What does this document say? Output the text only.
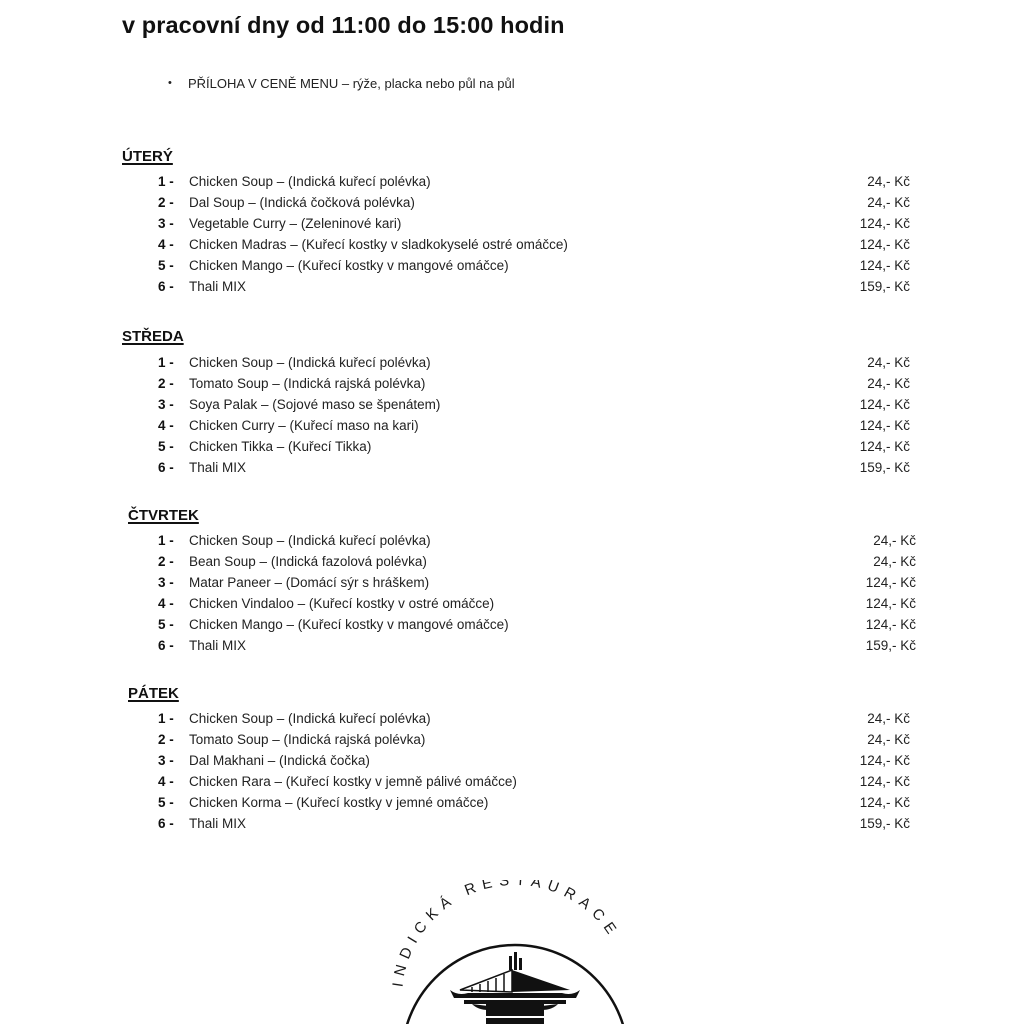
v pracovní dny od 11:00 do 15:00 hodin
• PŘÍLOHA V CENĚ MENU – rýže, placka nebo půl na půl
ÚTERÝ
1 -	Chicken Soup – (Indická kuřecí polévka)	24,- Kč
2 -	Dal Soup – (Indická čočková polévka)	24,- Kč
3 -	Vegetable Curry – (Zeleninové kari)	124,- Kč
4 -	Chicken Madras – (Kuřecí kostky v sladkokyselé ostré omáčce)	124,- Kč
5 -	Chicken Mango – (Kuřecí kostky v mangové omáčce)	124,- Kč
6 -	Thali MIX	159,- Kč
STŘEDA
1 -	Chicken Soup – (Indická kuřecí polévka)	24,- Kč
2 -	Tomato Soup – (Indická rajská polévka)	24,- Kč
3 -	Soya Palak – (Sojové maso se špenátem)	124,- Kč
4 -	Chicken Curry – (Kuřecí maso na kari)	124,- Kč
5 -	Chicken Tikka – (Kuřecí Tikka)	124,- Kč
6 -	Thali MIX	159,- Kč
ČTVRTEK
1 -	Chicken Soup – (Indická kuřecí polévka)	24,- Kč
2 -	Bean Soup – (Indická fazolová polévka)	24,- Kč
3 -	Matar Paneer – (Domácí sýr s hráškem)	124,- Kč
4 -	Chicken Vindaloo – (Kuřecí kostky v ostré omáčce)	124,- Kč
5 -	Chicken Mango – (Kuřecí kostky v mangové omáčce)	124,- Kč
6 -	Thali MIX	159,- Kč
PÁTEK
1 -	Chicken Soup – (Indická kuřecí polévka)	24,- Kč
2 -	Tomato Soup – (Indická rajská polévka)	24,- Kč
3 -	Dal Makhani – (Indická čočka)	124,- Kč
4 -	Chicken Rara – (Kuřecí kostky v jemně pálivé omáčce)	124,- Kč
5 -	Chicken Korma – (Kuřecí kostky v jemné omáčce)	124,- Kč
6 -	Thali MIX	159,- Kč
INDICKÁ RESTAURACE
